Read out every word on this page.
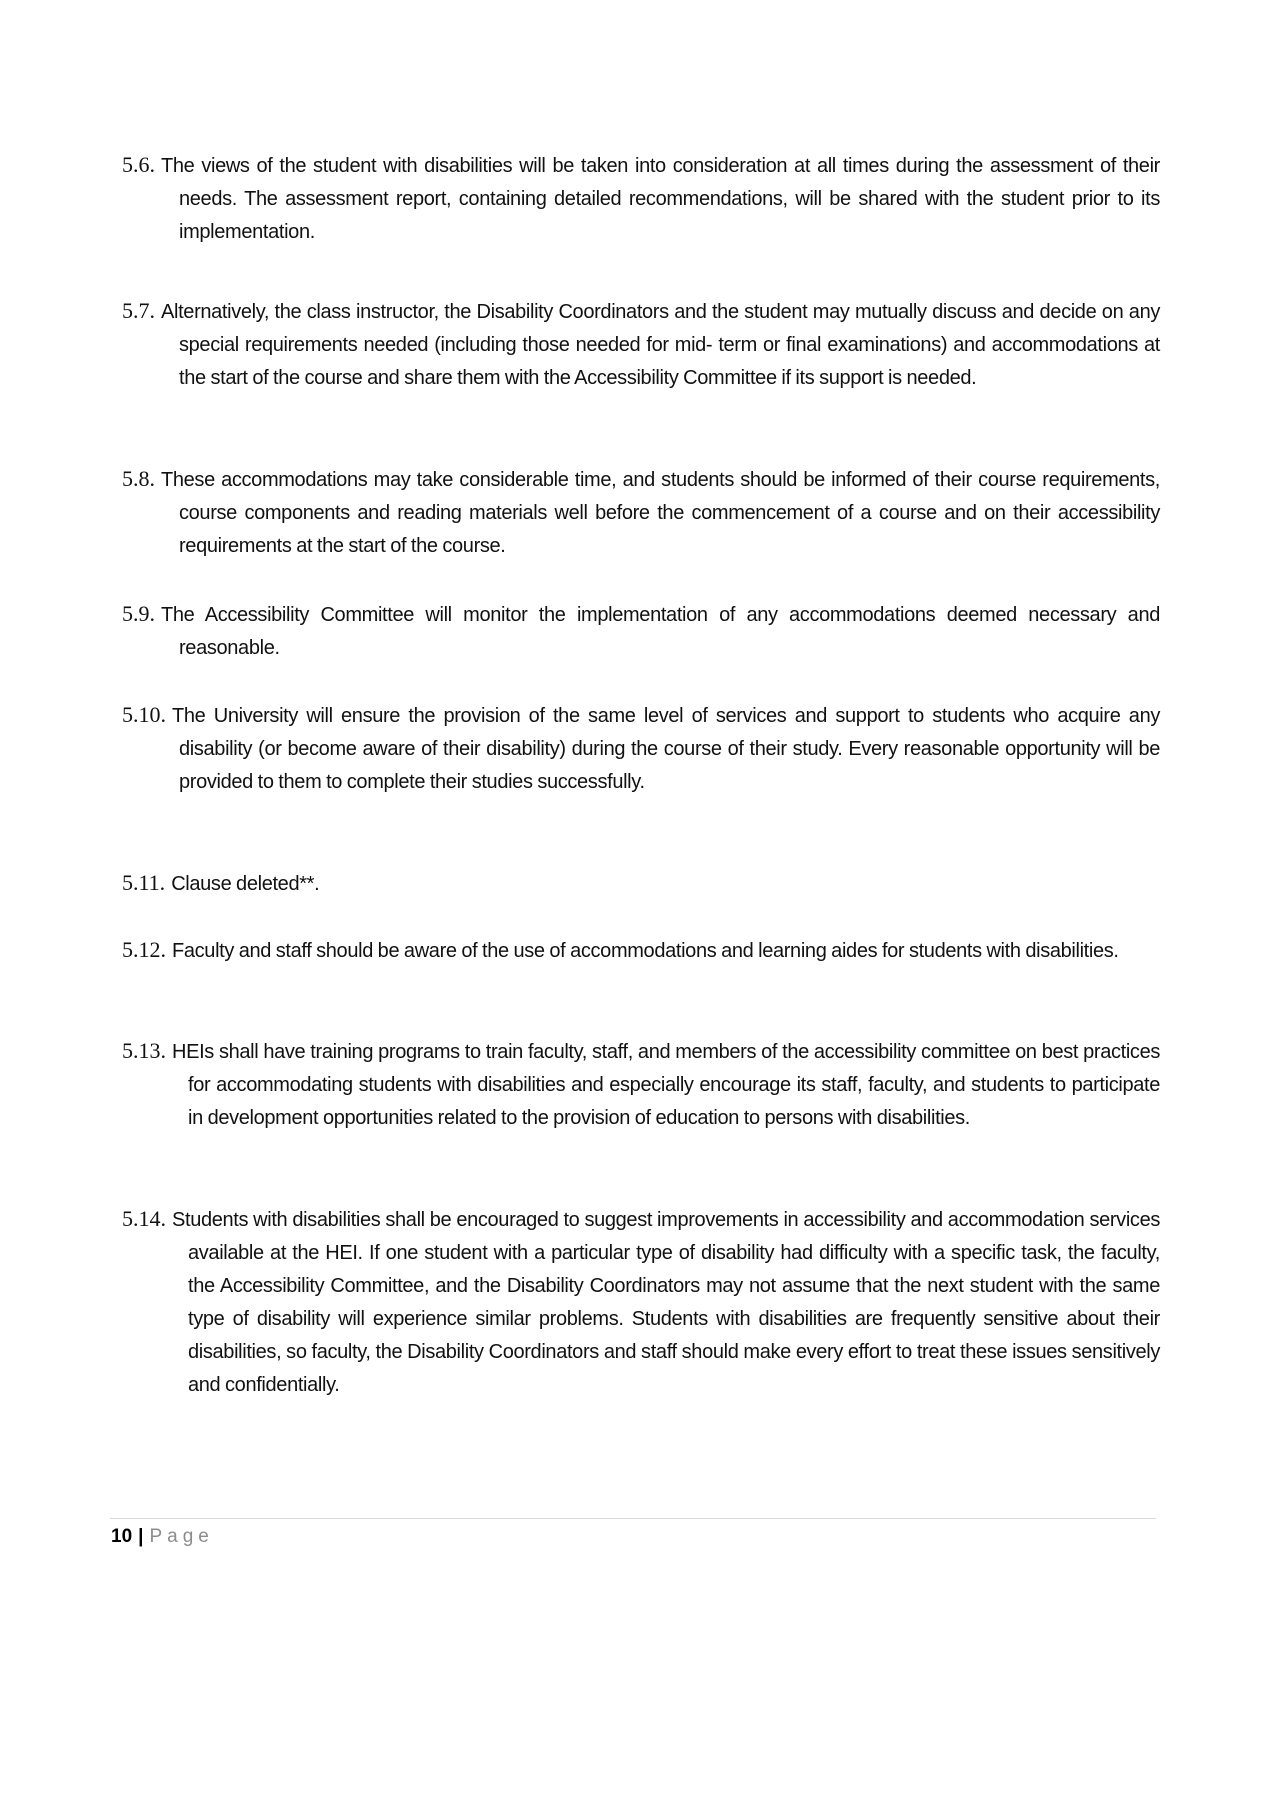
5.6. The views of the student with disabilities will be taken into consideration at all times during the assessment of their needs. The assessment report, containing detailed recommendations, will be shared with the student prior to its implementation.
5.7. Alternatively, the class instructor, the Disability Coordinators and the student may mutually discuss and decide on any special requirements needed (including those needed for mid- term or final examinations) and accommodations at the start of the course and share them with the Accessibility Committee if its support is needed.
5.8. These accommodations may take considerable time, and students should be informed of their course requirements, course components and reading materials well before the commencement of a course and on their accessibility requirements at the start of the course.
5.9. The Accessibility Committee will monitor the implementation of any accommodations deemed necessary and reasonable.
5.10. The University will ensure the provision of the same level of services and support to students who acquire any disability (or become aware of their disability) during the course of their study. Every reasonable opportunity will be provided to them to complete their studies successfully.
5.11. Clause deleted**.
5.12. Faculty and staff should be aware of the use of accommodations and learning aides for students with disabilities.
5.13. HEIs shall have training programs to train faculty, staff, and members of the accessibility committee on best practices for accommodating students with disabilities and especially encourage its staff, faculty, and students to participate in development opportunities related to the provision of education to persons with disabilities.
5.14. Students with disabilities shall be encouraged to suggest improvements in accessibility and accommodation services available at the HEI. If one student with a particular type of disability had difficulty with a specific task, the faculty, the Accessibility Committee, and the Disability Coordinators may not assume that the next student with the same type of disability will experience similar problems. Students with disabilities are frequently sensitive about their disabilities, so faculty, the Disability Coordinators and staff should make every effort to treat these issues sensitively and confidentially.
10 | Page
